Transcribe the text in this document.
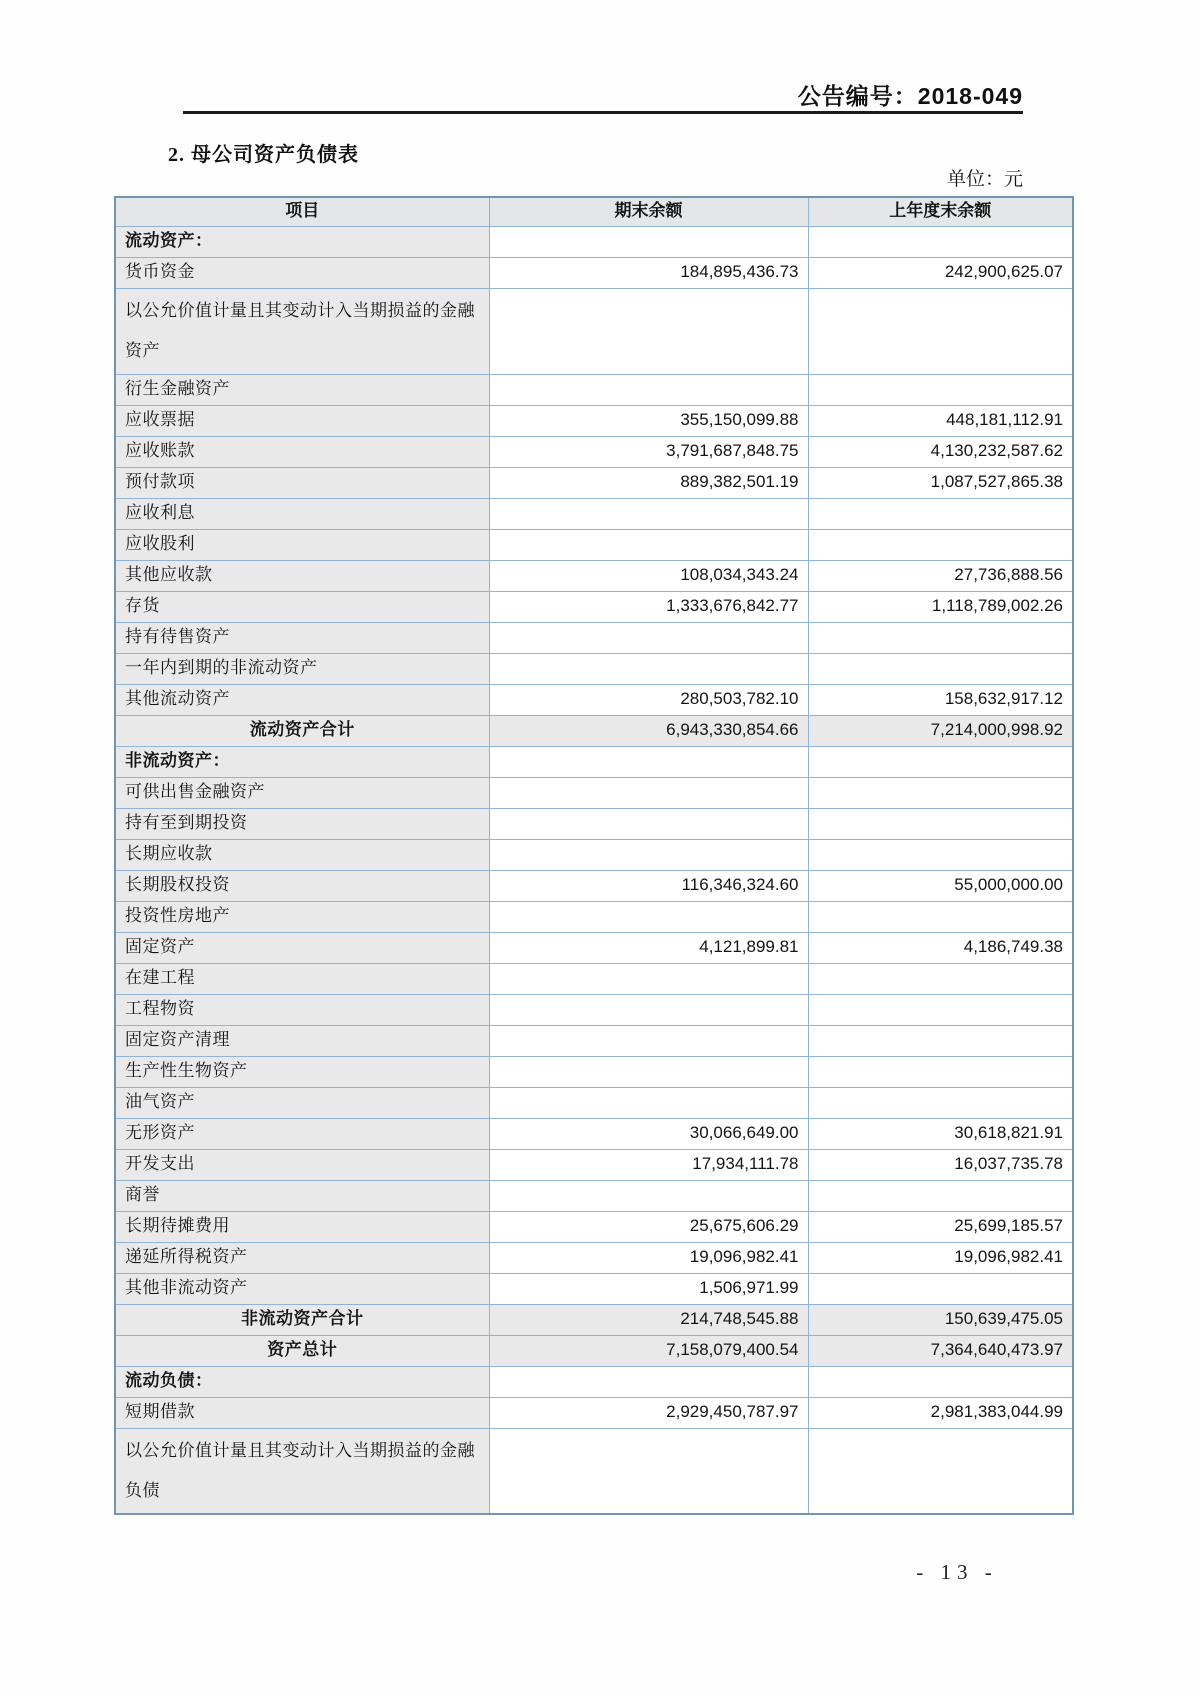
公告编号：2018-049
2. 母公司资产负债表
单位：元
项目	期末余额	上年度末余额
流动资产：		
货币资金	184,895,436.73	242,900,625.07
以公允价值计量且其变动计入当期损益的金融资产		
衍生金融资产		
应收票据	355,150,099.88	448,181,112.91
应收账款	3,791,687,848.75	4,130,232,587.62
预付款项	889,382,501.19	1,087,527,865.38
应收利息		
应收股利		
其他应收款	108,034,343.24	27,736,888.56
存货	1,333,676,842.77	1,118,789,002.26
持有待售资产		
一年内到期的非流动资产		
其他流动资产	280,503,782.10	158,632,917.12
流动资产合计	6,943,330,854.66	7,214,000,998.92
非流动资产：		
可供出售金融资产		
持有至到期投资		
长期应收款		
长期股权投资	116,346,324.60	55,000,000.00
投资性房地产		
固定资产	4,121,899.81	4,186,749.38
在建工程		
工程物资		
固定资产清理		
生产性生物资产		
油气资产		
无形资产	30,066,649.00	30,618,821.91
开发支出	17,934,111.78	16,037,735.78
商誉		
长期待摊费用	25,675,606.29	25,699,185.57
递延所得税资产	19,096,982.41	19,096,982.41
其他非流动资产	1,506,971.99	
非流动资产合计	214,748,545.88	150,639,475.05
资产总计	7,158,079,400.54	7,364,640,473.97
流动负债：		
短期借款	2,929,450,787.97	2,981,383,044.99
以公允价值计量且其变动计入当期损益的金融负债		
- 13 -
